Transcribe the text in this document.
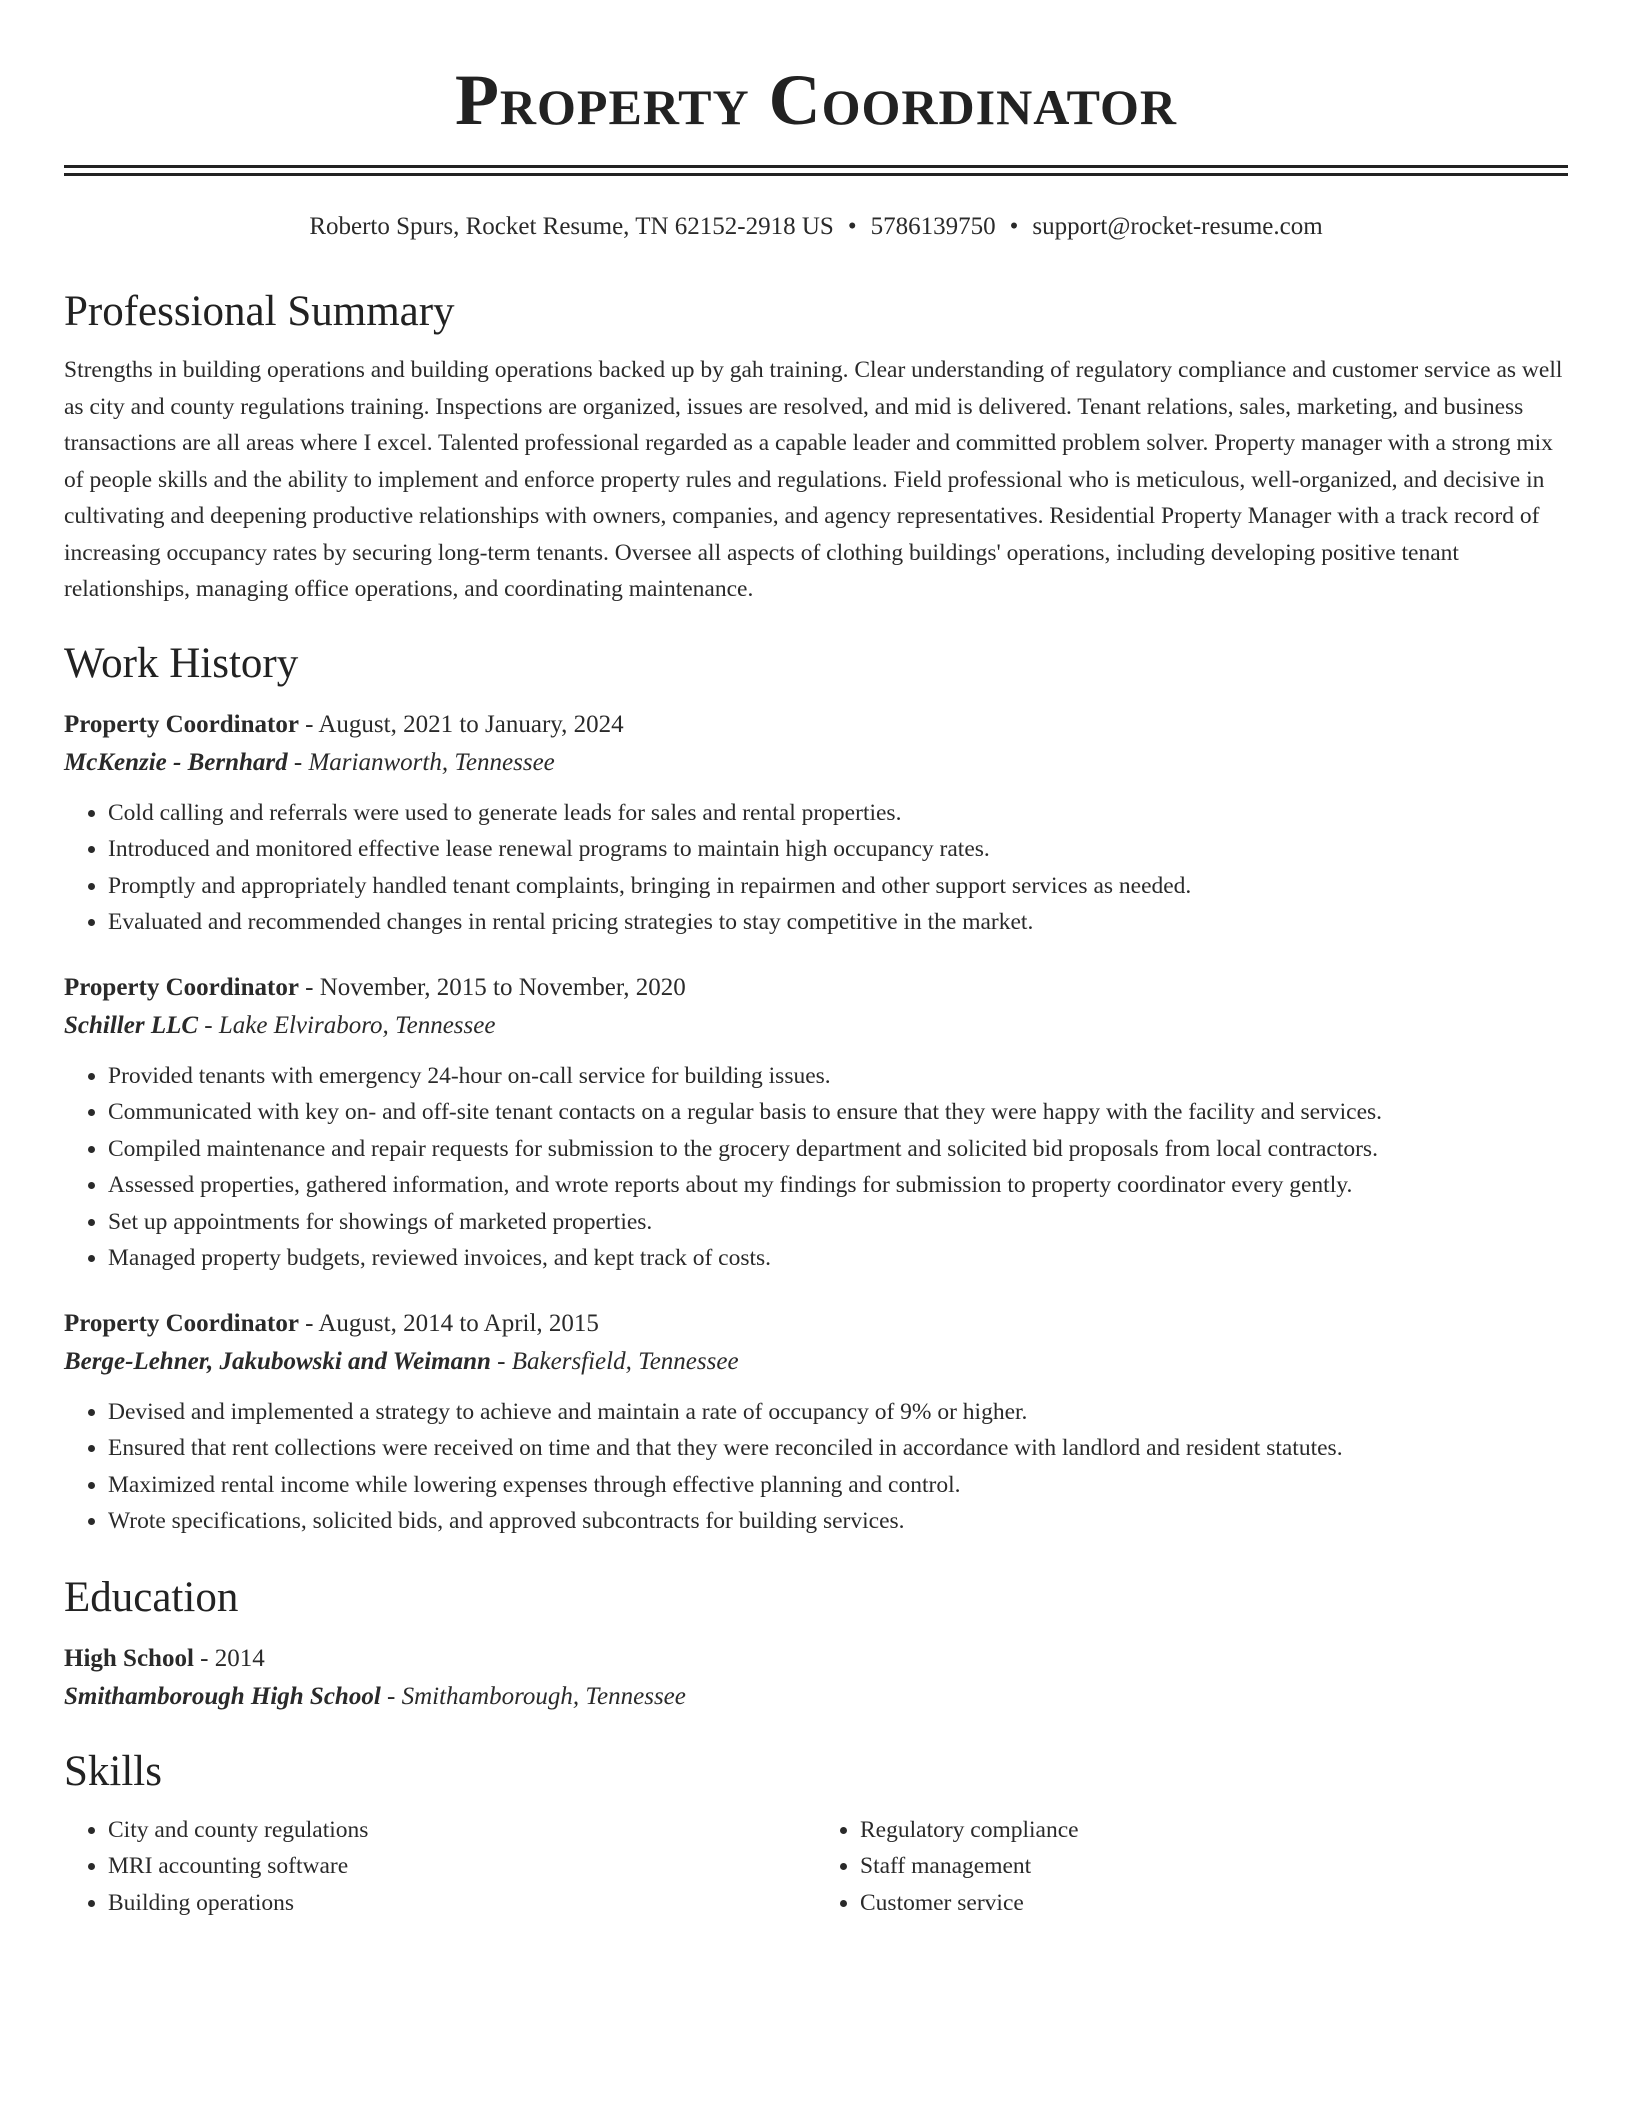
Property Coordinator
Roberto Spurs, Rocket Resume, TN 62152-2918 US • 5786139750 • support@rocket-resume.com
Professional Summary
Strengths in building operations and building operations backed up by gah training. Clear understanding of regulatory compliance and customer service as well as city and county regulations training. Inspections are organized, issues are resolved, and mid is delivered. Tenant relations, sales, marketing, and business transactions are all areas where I excel. Talented professional regarded as a capable leader and committed problem solver. Property manager with a strong mix of people skills and the ability to implement and enforce property rules and regulations. Field professional who is meticulous, well-organized, and decisive in cultivating and deepening productive relationships with owners, companies, and agency representatives. Residential Property Manager with a track record of increasing occupancy rates by securing long-term tenants. Oversee all aspects of clothing buildings' operations, including developing positive tenant relationships, managing office operations, and coordinating maintenance.
Work History
Property Coordinator - August, 2021 to January, 2024
McKenzie - Bernhard - Marianworth, Tennessee
• Cold calling and referrals were used to generate leads for sales and rental properties.
• Introduced and monitored effective lease renewal programs to maintain high occupancy rates.
• Promptly and appropriately handled tenant complaints, bringing in repairmen and other support services as needed.
• Evaluated and recommended changes in rental pricing strategies to stay competitive in the market.
Property Coordinator - November, 2015 to November, 2020
Schiller LLC - Lake Elviraboro, Tennessee
• Provided tenants with emergency 24-hour on-call service for building issues.
• Communicated with key on- and off-site tenant contacts on a regular basis to ensure that they were happy with the facility and services.
• Compiled maintenance and repair requests for submission to the grocery department and solicited bid proposals from local contractors.
• Assessed properties, gathered information, and wrote reports about my findings for submission to property coordinator every gently.
• Set up appointments for showings of marketed properties.
• Managed property budgets, reviewed invoices, and kept track of costs.
Property Coordinator - August, 2014 to April, 2015
Berge-Lehner, Jakubowski and Weimann - Bakersfield, Tennessee
• Devised and implemented a strategy to achieve and maintain a rate of occupancy of 9% or higher.
• Ensured that rent collections were received on time and that they were reconciled in accordance with landlord and resident statutes.
• Maximized rental income while lowering expenses through effective planning and control.
• Wrote specifications, solicited bids, and approved subcontracts for building services.
Education
High School - 2014
Smithamborough High School - Smithamborough, Tennessee
Skills
• City and county regulations
• MRI accounting software
• Building operations
• Regulatory compliance
• Staff management
• Customer service
